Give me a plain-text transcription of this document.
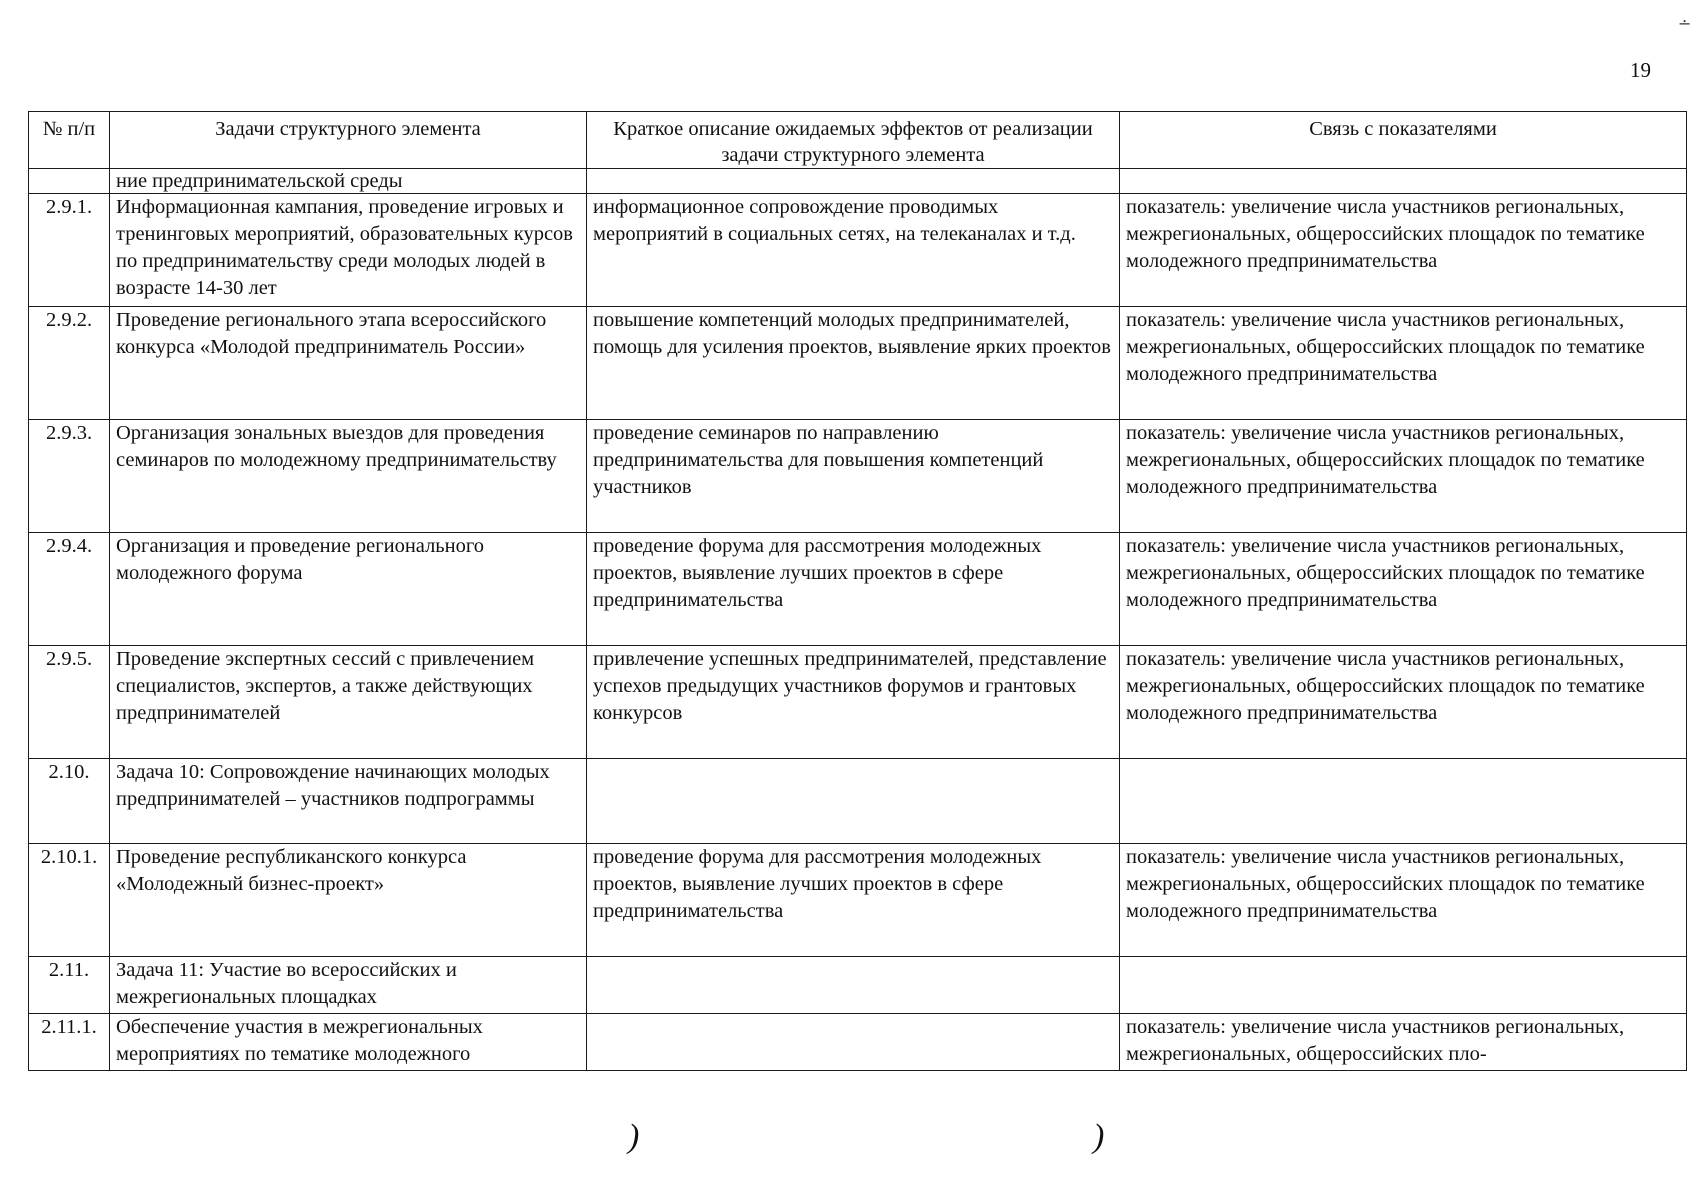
∸
19
№ п/п	Задачи структурного элемента	Краткое описание ожидаемых эффектов от реализации задачи структурного элемента	Связь с показателями
	ние предпринимательской среды		
2.9.1.	Информационная кампания, проведение игровых и тренинговых мероприятий, образовательных курсов по предпринимательству среди молодых людей в возрасте 14-30 лет	информационное сопровождение проводимых мероприятий в социальных сетях, на телеканалах и т.д.	показатель: увеличение числа участников региональных, межрегиональных, общероссийских площадок по тематике молодежного предпринимательства
2.9.2.	Проведение регионального этапа всероссийского конкурса «Молодой предприниматель России»	повышение компетенций молодых предпринимателей, помощь для усиления проектов, выявление ярких проектов	показатель: увеличение числа участников региональных, межрегиональных, общероссийских площадок по тематике молодежного предпринимательства
2.9.3.	Организация зональных выездов для проведения семинаров по молодежному предпринимательству	проведение семинаров по направлению предпринимательства для повышения компетенций участников	показатель: увеличение числа участников региональных, межрегиональных, общероссийских площадок по тематике молодежного предпринимательства
2.9.4.	Организация и проведение регионального молодежного форума	проведение форума для рассмотрения молодежных проектов, выявление лучших проектов в сфере предпринимательства	показатель: увеличение числа участников региональных, межрегиональных, общероссийских площадок по тематике молодежного предпринимательства
2.9.5.	Проведение экспертных сессий с привлечением специалистов, экспертов, а также действующих предпринимателей	привлечение успешных предпринимателей, представление успехов предыдущих участников форумов и грантовых конкурсов	показатель: увеличение числа участников региональных, межрегиональных, общероссийских площадок по тематике молодежного предпринимательства
2.10.	Задача 10: Сопровождение начинающих молодых предпринимателей – участников подпрограммы		
2.10.1.	Проведение республиканского конкурса «Молодежный бизнес-проект»	проведение форума для рассмотрения молодежных проектов, выявление лучших проектов в сфере предпринимательства	показатель: увеличение числа участников региональных, межрегиональных, общероссийских площадок по тематике молодежного предпринимательства
2.11.	Задача 11: Участие во всероссийских и межрегиональных площадках		
2.11.1.	Обеспечение участия в межрегиональных мероприятиях по тематике молодежного		показатель: увеличение числа участников региональных, межрегиональных, общероссийских пло-
)	)
